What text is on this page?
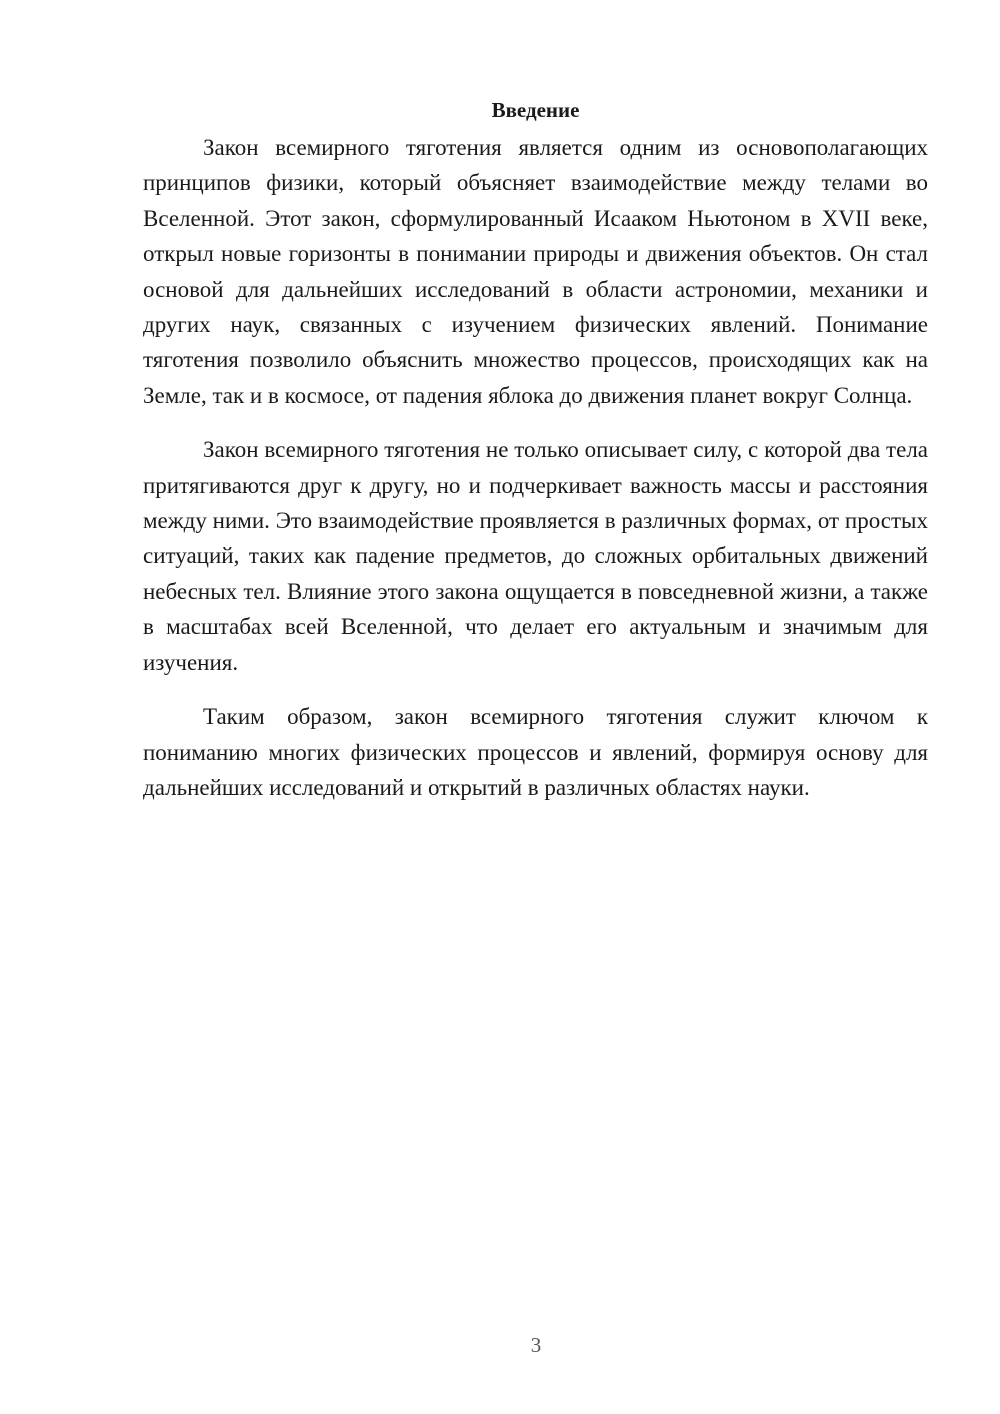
Введение

Закон всемирного тяготения является одним из основополагающих принципов физики, который объясняет взаимодействие между телами во Вселенной. Этот закон, сформулированный Исааком Ньютоном в XVII веке, открыл новые горизонты в понимании природы и движения объектов. Он стал основой для дальнейших исследований в области астрономии, механики и других наук, связанных с изучением физических явлений. Понимание тяготения позволило объяснить множество процессов, происходящих как на Земле, так и в космосе, от падения яблока до движения планет вокруг Солнца.

Закон всемирного тяготения не только описывает силу, с которой два тела притягиваются друг к другу, но и подчеркивает важность массы и расстояния между ними. Это взаимодействие проявляется в различных формах, от простых ситуаций, таких как падение предметов, до сложных орбитальных движений небесных тел. Влияние этого закона ощущается в повседневной жизни, а также в масштабах всей Вселенной, что делает его актуальным и значимым для изучения.

Таким образом, закон всемирного тяготения служит ключом к пониманию многих физических процессов и явлений, формируя основу для дальнейших исследований и открытий в различных областях науки.

3
